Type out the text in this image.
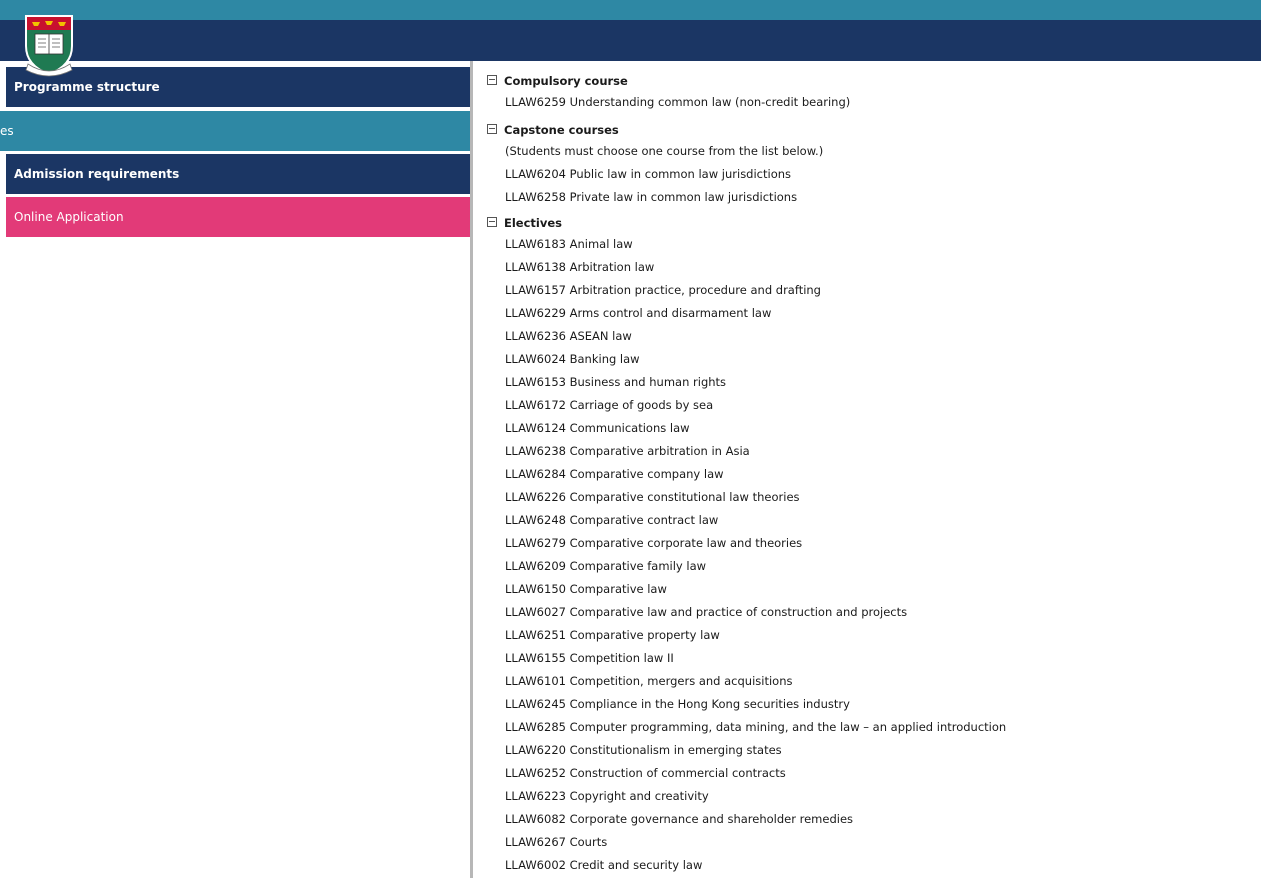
Programme structure
es
Admission requirements
Online Application
Compulsory course
LLAW6259 Understanding common law (non-credit bearing)
Capstone courses
(Students must choose one course from the list below.)
LLAW6204 Public law in common law jurisdictions
LLAW6258 Private law in common law jurisdictions
Electives
LLAW6183 Animal law
LLAW6138 Arbitration law
LLAW6157 Arbitration practice, procedure and drafting
LLAW6229 Arms control and disarmament law
LLAW6236 ASEAN law
LLAW6024 Banking law
LLAW6153 Business and human rights
LLAW6172 Carriage of goods by sea
LLAW6124 Communications law
LLAW6238 Comparative arbitration in Asia
LLAW6284 Comparative company law
LLAW6226 Comparative constitutional law theories
LLAW6248 Comparative contract law
LLAW6279 Comparative corporate law and theories
LLAW6209 Comparative family law
LLAW6150 Comparative law
LLAW6027 Comparative law and practice of construction and projects
LLAW6251 Comparative property law
LLAW6155 Competition law II
LLAW6101 Competition, mergers and acquisitions
LLAW6245 Compliance in the Hong Kong securities industry
LLAW6285 Computer programming, data mining, and the law – an applied introduction
LLAW6220 Constitutionalism in emerging states
LLAW6252 Construction of commercial contracts
LLAW6223 Copyright and creativity
LLAW6082 Corporate governance and shareholder remedies
LLAW6267 Courts
LLAW6002 Credit and security law
